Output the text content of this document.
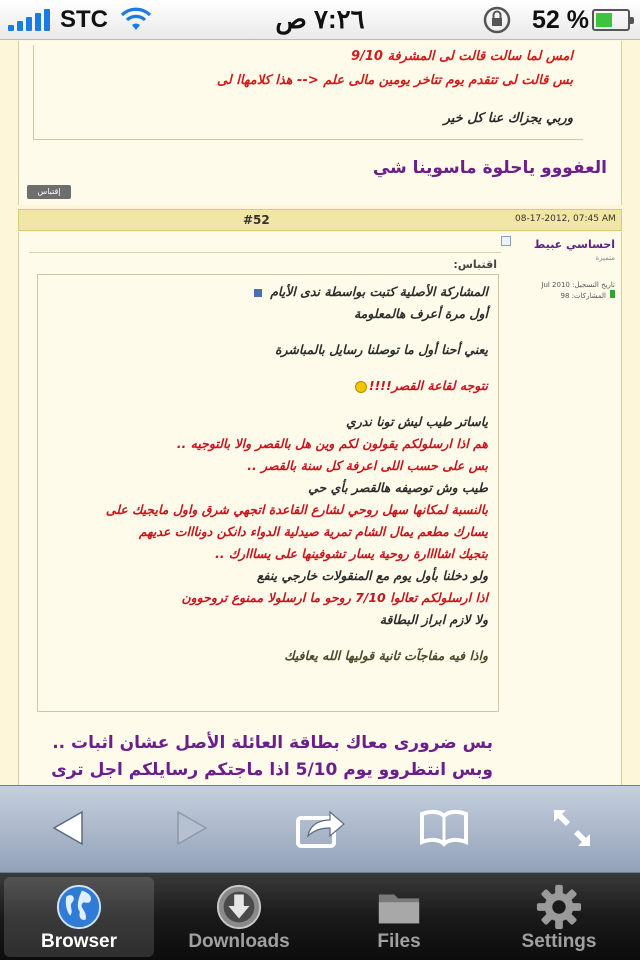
STC	٧:٢٦ ص	52 %
امس لما سالت قالت لى المشرفة 9/10
بس قالت لى تتقدم يوم تتاخر يومين مالى علم <-- هذا كلامهاا لى
وربي يجزاك عنا كل خير
العفووو ياحلوة ماسوينا شي
إقتباس
08-17-2012, 07:45 AM
#52
احساسي عبيط
متميزة
تاريخ التسجيل: Jul 2010
المشاركات: 98
اقتباس:
المشاركة الأصلية كتبت بواسطة ندى الأيام
أول مرة أعرف هالمعلومة
يعني أحنا أول ما توصلنا رسايل بالمباشرة
نتوجه لقاعة القصر!!!!
ياساتر طيب ليش تونا ندري
هم اذا ارسلولكم يقولون لكم وين هل بالقصر والا بالتوجيه ..
بس على حسب اللى اعرفة كل سنة بالقصر ..
طيب وش توصيفه هالقصر بأي حي
بالنسبة لمكانها سهل روحي لشارع القاعدة اتجهي شرق واول مايجيك على
يسارك مطعم يمال الشام تمرية صيدلية الدواء دانكن دونااات عديهم
بتجيك اشاااارة روحية يسار تشوفينها على يسااارك ..
ولو دخلنا بأول يوم مع المنقولات خارجي ينفع
اذا ارسلولكم تعالوا 7/10 روحو ما ارسلولا ممنوع تروحوون
ولا لازم ابراز البطاقة
واذا فيه مفاجآت ثانية قوليها الله يعافيك
بس ضرورى معاك بطاقة العائلة الأصل عشان اثبات ..
وبس انتظروو يوم 5/10 اذا ماجتكم رسايلكم اجل ترى
Browser	Downloads	Files	Settings
